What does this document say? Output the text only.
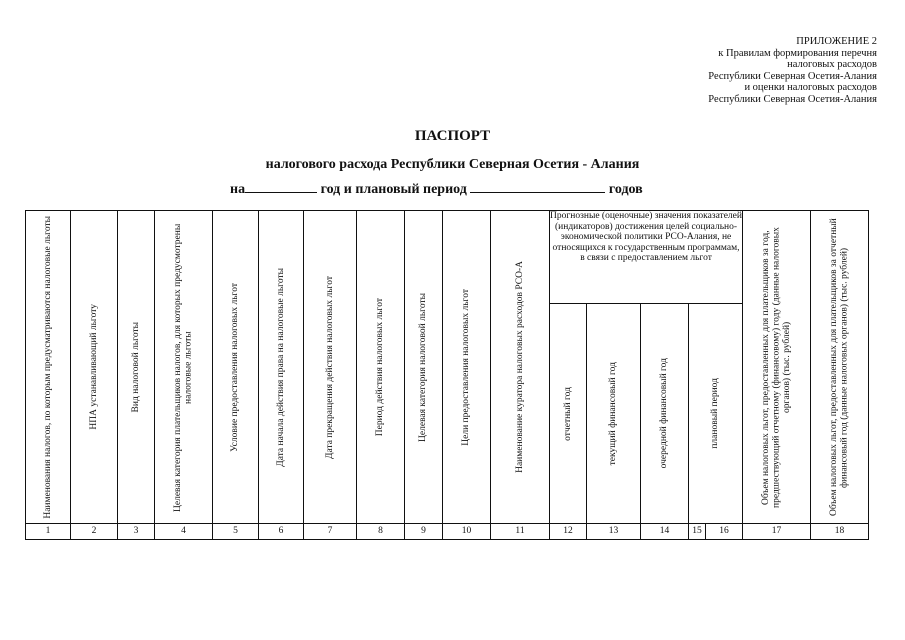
ПРИЛОЖЕНИЕ 2
к Правилам формирования перечня
налоговых расходов
Республики Северная Осетия-Алания
и оценки налоговых расходов
Республики Северная Осетия-Алания
ПАСПОРТ
налогового расхода Республики Северная Осетия - Алания
на	год и плановый период	годов
Наименования налогов, по которым предусматриваются налоговые льготы	НПА устанавливающий льготу	Вид налоговой льготы	Целевая категория плательщиков налогов, для которых предусмотрены налоговые льготы	Условие предоставления налоговых льгот	Дата начала действия права на налоговые льготы	Дата прекращения действия налоговых льгот	Период действия налоговых льгот	Целевая категория налоговой льготы	Цели предоставления налоговых льгот	Наименование куратора налоговых расходов РСО-А	Прогнозные (оценочные) значения показателей (индикаторов) достижения целей социально-экономической политики РСО-Алания, не относящихся к государственным программам, в связи с предоставлением льгот					Объем налоговых льгот, предоставленных для плательщиков за год, предшествующий отчетному (финансовому) году (данные налоговых органов) (тыс. рублей)	Объем налоговых льгот, предоставленных для плательщиков за отчетный финансовый год (данные налоговых органов) (тыс. рублей)

											отчетный год	текущий финансовый год	очередной финансовый год	плановый период			

1	2	3	4	5	6	7	8	9	10	11	12	13	14	15	16	17	18
